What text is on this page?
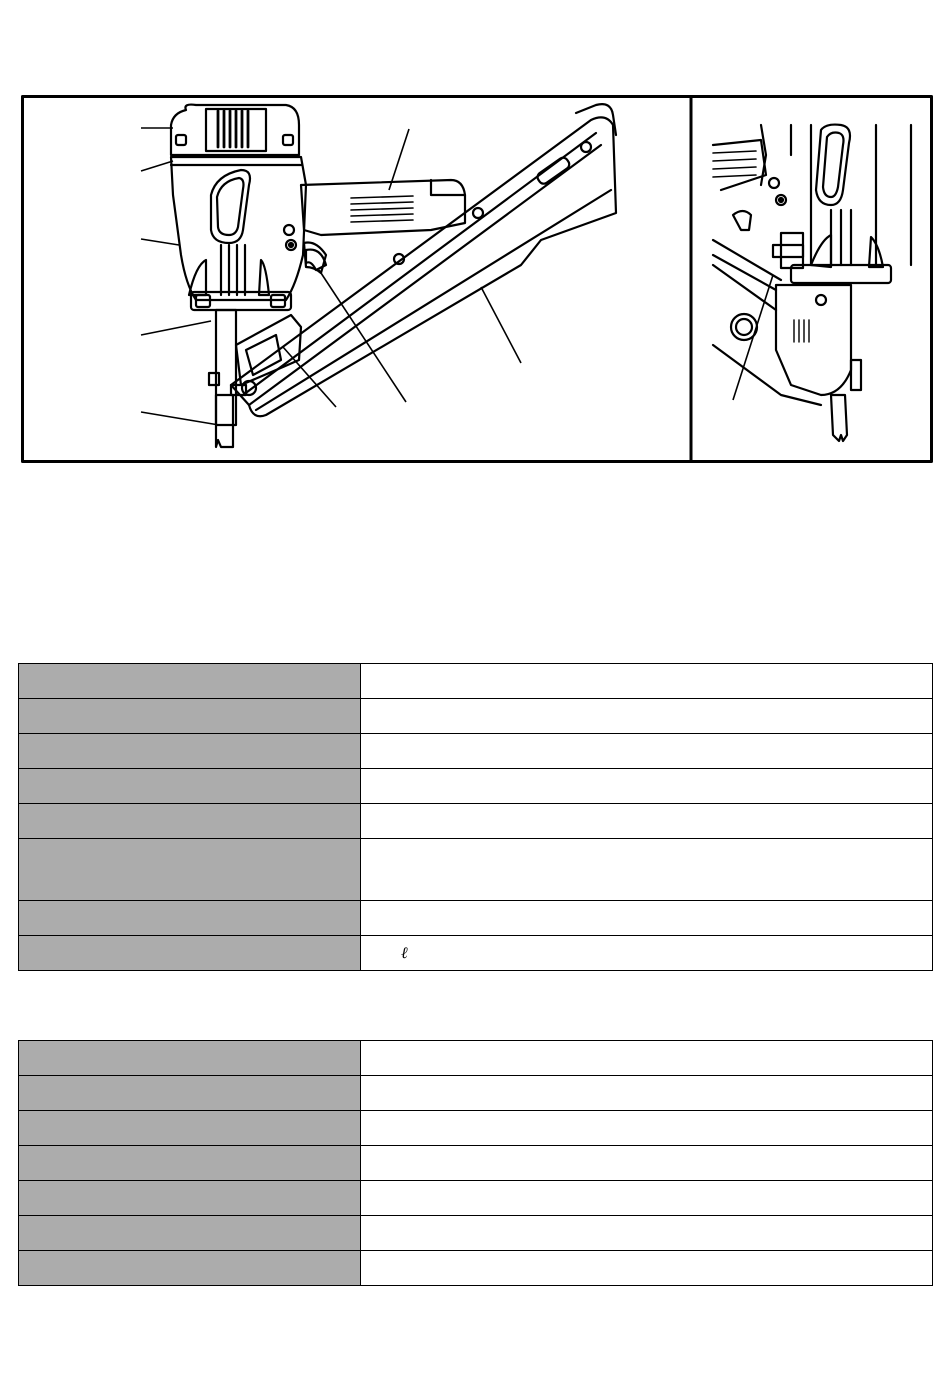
	ℓ
